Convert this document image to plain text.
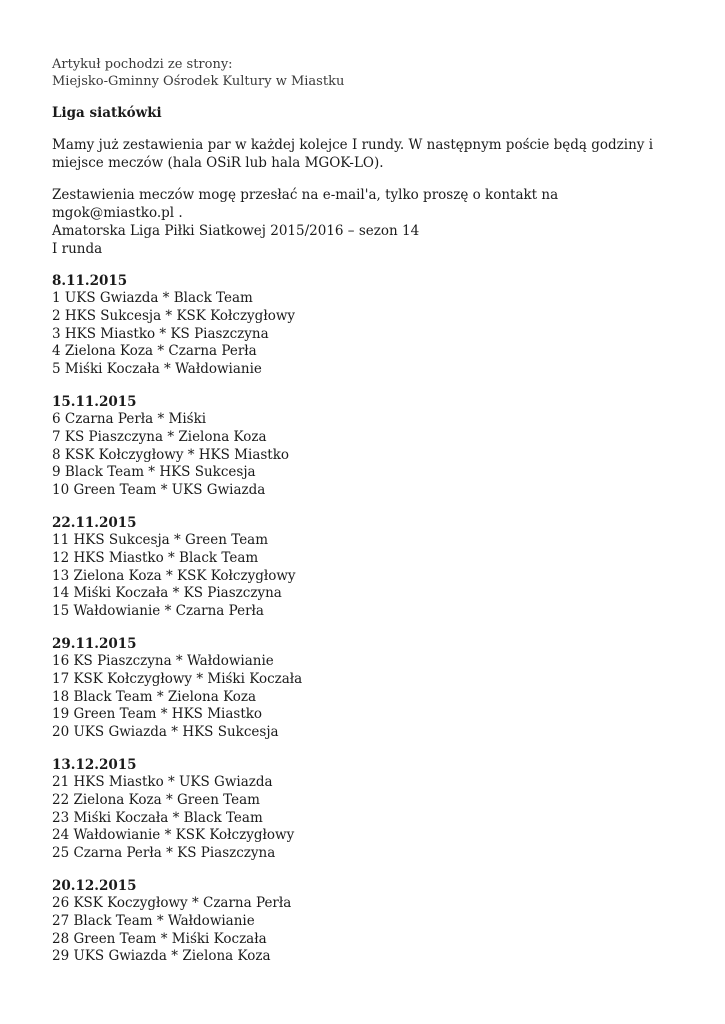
Artykuł pochodzi ze strony:
Miejsko-Gminny Ośrodek Kultury w Miastku
Liga siatkówki
Mamy już zestawienia par w każdej kolejce I rundy. W następnym poście będą godziny i miejsce meczów (hala OSiR lub hala MGOK-LO).
Zestawienia meczów mogę przesłać na e-mail'a, tylko proszę o kontakt na mgok@miastko.pl .
Amatorska Liga Piłki Siatkowej 2015/2016 – sezon 14
I runda
8.11.2015
1 UKS Gwiazda * Black Team
2 HKS Sukcesja * KSK Kołczygłowy
3 HKS Miastko * KS Piaszczyna
4 Zielona Koza * Czarna Perła
5 Miśki Koczała * Wałdowianie
15.11.2015
6 Czarna Perła * Miśki
7 KS Piaszczyna * Zielona Koza
8 KSK Kołczygłowy * HKS Miastko
9 Black Team * HKS Sukcesja
10 Green Team * UKS Gwiazda
22.11.2015
11 HKS Sukcesja * Green Team
12 HKS Miastko * Black Team
13 Zielona Koza * KSK Kołczygłowy
14 Miśki Koczała * KS Piaszczyna
15 Wałdowianie * Czarna Perła
29.11.2015
16 KS Piaszczyna * Wałdowianie
17 KSK Kołczygłowy * Miśki Koczała
18 Black Team * Zielona Koza
19 Green Team * HKS Miastko
20 UKS Gwiazda * HKS Sukcesja
13.12.2015
21 HKS Miastko * UKS Gwiazda
22 Zielona Koza * Green Team
23 Miśki Koczała * Black Team
24 Wałdowianie * KSK Kołczygłowy
25 Czarna Perła * KS Piaszczyna
20.12.2015
26 KSK Koczygłowy * Czarna Perła
27 Black Team * Wałdowianie
28 Green Team * Miśki Koczała
29 UKS Gwiazda * Zielona Koza
